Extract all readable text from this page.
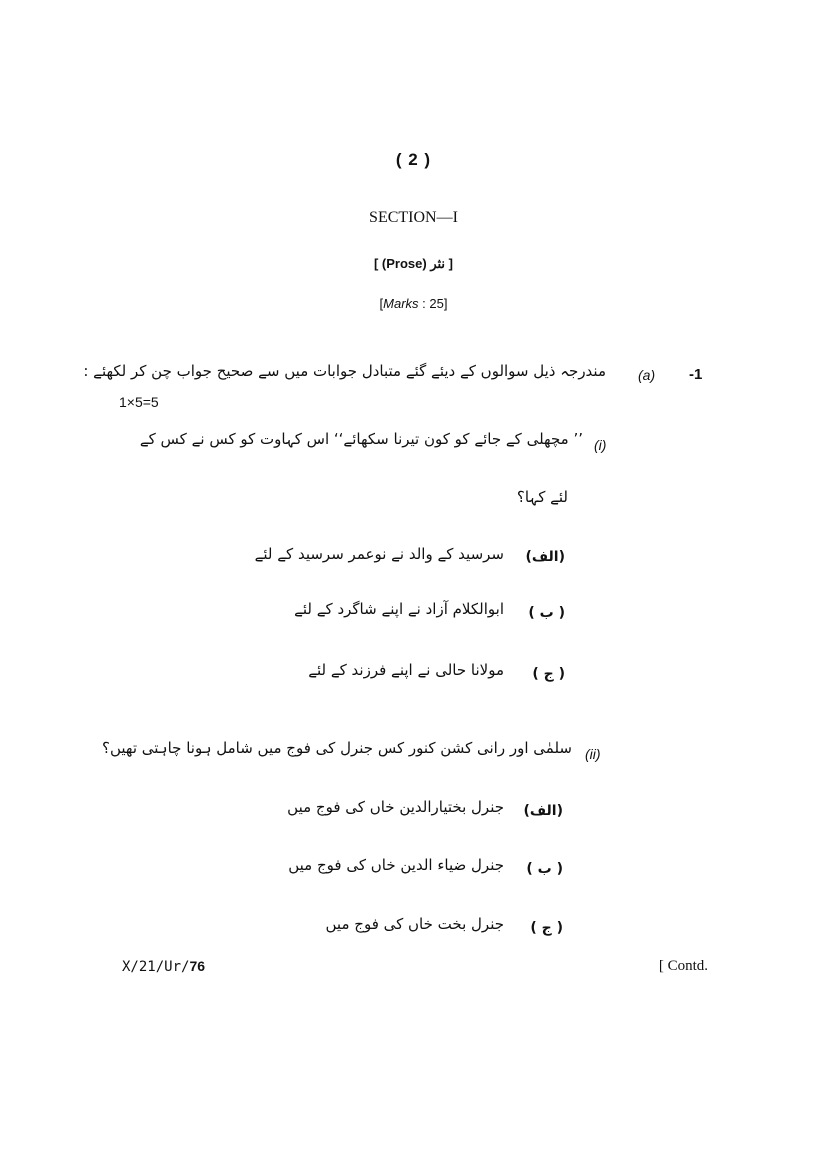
( 2 )
SECTION—I
[ (Prose) نثر ]
[Marks : 25]
-1
(a)
مندرجہ ذیل سوالوں کے دیئے گئے متبادل جوابات میں سے صحیح جواب چن کر لکھئے :
1×5=5
(i)
’’ مچھلی کے جائے کو کون تیرنا سکھائے‘‘ اس کہاوت کو کس نے کس کے
لئے کہا؟
(الف)
سرسید کے والد نے نوعمر سرسید کے لئے
( ب )
ابوالکلام آزاد نے اپنے شاگرد کے لئے
( ج )
مولانا حالی نے اپنے فرزند کے لئے
(ii)
سلمٰی اور رانی کشن کنور کس جنرل کی فوج میں شامل ہونا چاہتی تھیں؟
(الف)
جنرل بختیارالدین خاں کی فوج میں
( ب )
جنرل ضیاء الدین خاں کی فوج میں
( ج )
جنرل بخت خاں کی فوج میں
X/21/Ur/76	[ Contd.
